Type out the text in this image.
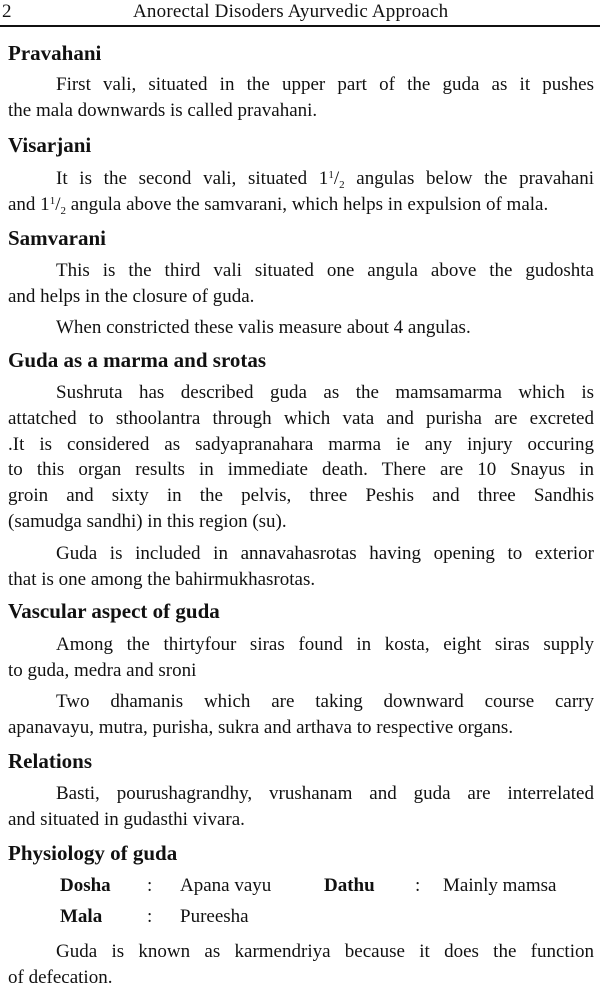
2	Anorectal Disoders Ayurvedic Approach
Pravahani
First vali, situated in the upper part of the guda as it pushes
the mala downwards is called pravahani.
Visarjani
It is the second vali, situated $1^1/_2$ angulas below the pravahani
and $1^1/_2$ angula above the samvarani, which helps in expulsion of mala.
Samvarani
This is the third vali situated one angula above the gudoshta
and helps in the closure of guda.
When constricted these valis measure about 4 angulas.
Guda as a marma and srotas
Sushruta has described guda as the mamsamarma which is
attatched to sthoolantra through which vata and purisha are excreted
.It is considered as sadyapranahara marma ie any injury occuring
to this organ results in immediate death. There are 10 Snayus in
groin and sixty in the pelvis, three Peshis and three Sandhis
(samudga sandhi) in this region (su).
Guda is included in annavahasrotas having opening to exterior
that is one among the bahirmukhasrotas.
Vascular aspect of guda
Among the thirtyfour siras found in kosta, eight siras supply
to guda, medra and sroni
Two dhamanis which are taking downward course carry
apanavayu, mutra, purisha, sukra and arthava to respective organs.
Relations
Basti, pourushagrandhy, vrushanam and guda are interrelated
and situated in gudasthi vivara.
Physiology of guda
Dosha : Apana vayu	Dathu : Mainly mamsa
Mala : Pureesha
Guda is known as karmendriya because it does the function
of defecation.
